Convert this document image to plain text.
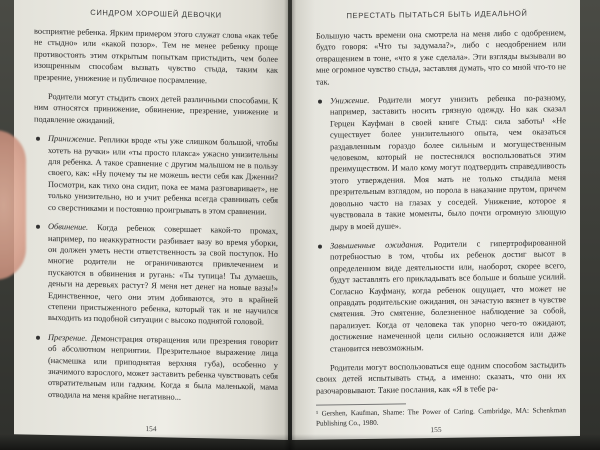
СИНДРОМ ХОРОШЕЙ ДЕВОЧКИ

восприятие ребенка. Ярким примером этого служат слова «как тебе не стыдно» или «какой позор». Тем не менее ребенку проще противостоять этим открытым попыткам пристыдить, чем более изощренным способам вызвать чувство стыда, таким как презрение, унижение и публичное посрамление.

Родители могут стыдить своих детей различными способами. К ним относятся принижение, обвинение, презрение, унижение и подавление ожиданий.

Принижение. Реплики вроде «ты уже слишком большой, чтобы хотеть на ручки» или «ты просто плакса» ужасно унизительны для ребенка. А такое сравнение с другим малышом не в пользу своего, как: «Ну почему ты не можешь вести себя как Дженни? Посмотри, как тихо она сидит, пока ее мама разговаривает», не только унизительно, но и учит ребенка всегда сравнивать себя со сверстниками и постоянно проигрывать в этом сравнении.
Обвинение. Когда ребенок совершает какой-то промах, например, по неаккуратности разбивает вазу во время уборки, он должен уметь нести ответственность за свой поступок. Но многие родители не ограничиваются привлечением и пускаются в обвинения и ругань: «Ты тупица! Ты думаешь, деньги на деревьях растут? Я меня нет денег на новые вазы!» Единственное, чего они этим добиваются, это в крайней степени пристыженного ребенка, который так и не научился выходить из подобной ситуации с высоко поднятой головой.
Презрение. Демонстрация отвращения или презрения говорит об абсолютном неприятии. Презрительное выражение лица (насмешка или приподнятая верхняя губа), особенно у значимого взрослого, может заставить ребенка чувствовать себя отвратительным или гадким. Когда я была маленькой, мама отводила на меня крайне негативно...
154
ПЕРЕСТАТЬ ПЫТАТЬСЯ БЫТЬ ИДЕАЛЬНОЙ

Большую часть времени она смотрела на меня либо с одобрением, будто говоря: «Что ты задумала?», либо с неодобрением или отвращением в тоне, «что я уже сделала». Эти взгляды вызывали во мне огромное чувство стыда, заставляя думать, что со мной что-то не так.

Унижение. Родители могут унизить ребенка по-разному, например, заставить носить грязную одежду. Но как сказал Герцен Кауфман в своей книге Стыд: сила заботы¹ «Не существует более унизительного опыта, чем оказаться раздавленным гораздо более сильным и могущественным человеком, который не постеснялся воспользоваться этим преимуществом. И мало кому могут подтвердить справедливость этого утверждения. Моя мать не только стыдила меня презрительным взглядом, но порола в наказание прутом, причем довольно часто на глазах у соседей. Унижение, которое я чувствовала в такие моменты, было почти огромную злющую дыру в моей душе».
Завышенные ожидания. Родители с гипертрофированной потребностью в том, чтобы их ребенок достиг высот в определенном виде деятельности или, наоборот, скорее всего, будут заставлять его прикладывать все больше и больше усилий. Согласно Кауфману, когда ребенок ощущает, что может не оправдать родительские ожидания, он зачастую вязнет в чувстве смятения. Это смятение, болезненное наблюдение за собой, парализует. Когда от человека так упорно чего-то ожидают, достижение намеченной цели сильно осложняется или даже становится невозможным.

Родители могут воспользоваться еще одним способом застыдить своих детей испытывать стыд, а именно: сказать, что они их разочаровывают. Такие послания, как «Я в тебе ра-

¹ Gershen, Kaufman, Shame: The Power of Caring. Cambridge, MA: Schenkman Publishing Co., 1980.
155
